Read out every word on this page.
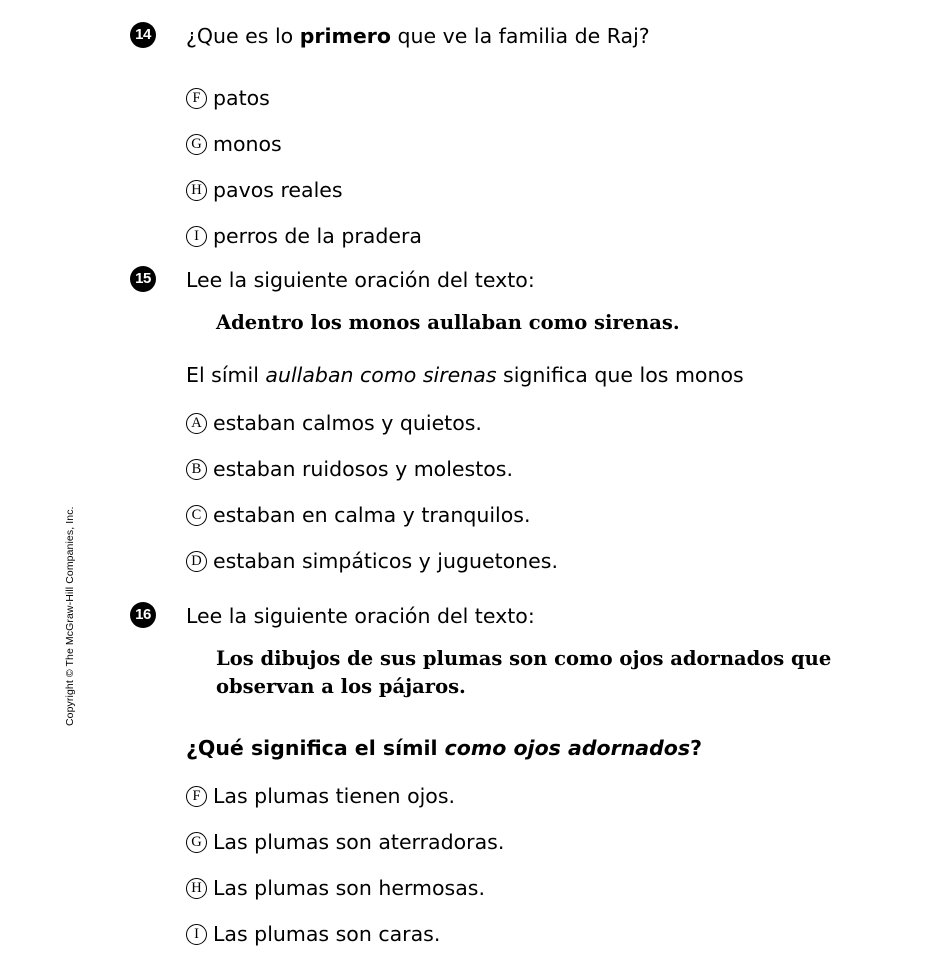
Copyright © The McGraw-Hill Companies, Inc.
14 ¿Que es lo primero que ve la familia de Raj?
F patos
G monos
H pavos reales
I perros de la pradera
15 Lee la siguiente oración del texto:
Adentro los monos aullaban como sirenas.
El símil aullaban como sirenas significa que los monos
A estaban calmos y quietos.
B estaban ruidosos y molestos.
C estaban en calma y tranquilos.
D estaban simpáticos y juguetones.
16 Lee la siguiente oración del texto:
Los dibujos de sus plumas son como ojos adornados que observan a los pájaros.
¿Qué significa el símil como ojos adornados?
F Las plumas tienen ojos.
G Las plumas son aterradoras.
H Las plumas son hermosas.
I Las plumas son caras.
